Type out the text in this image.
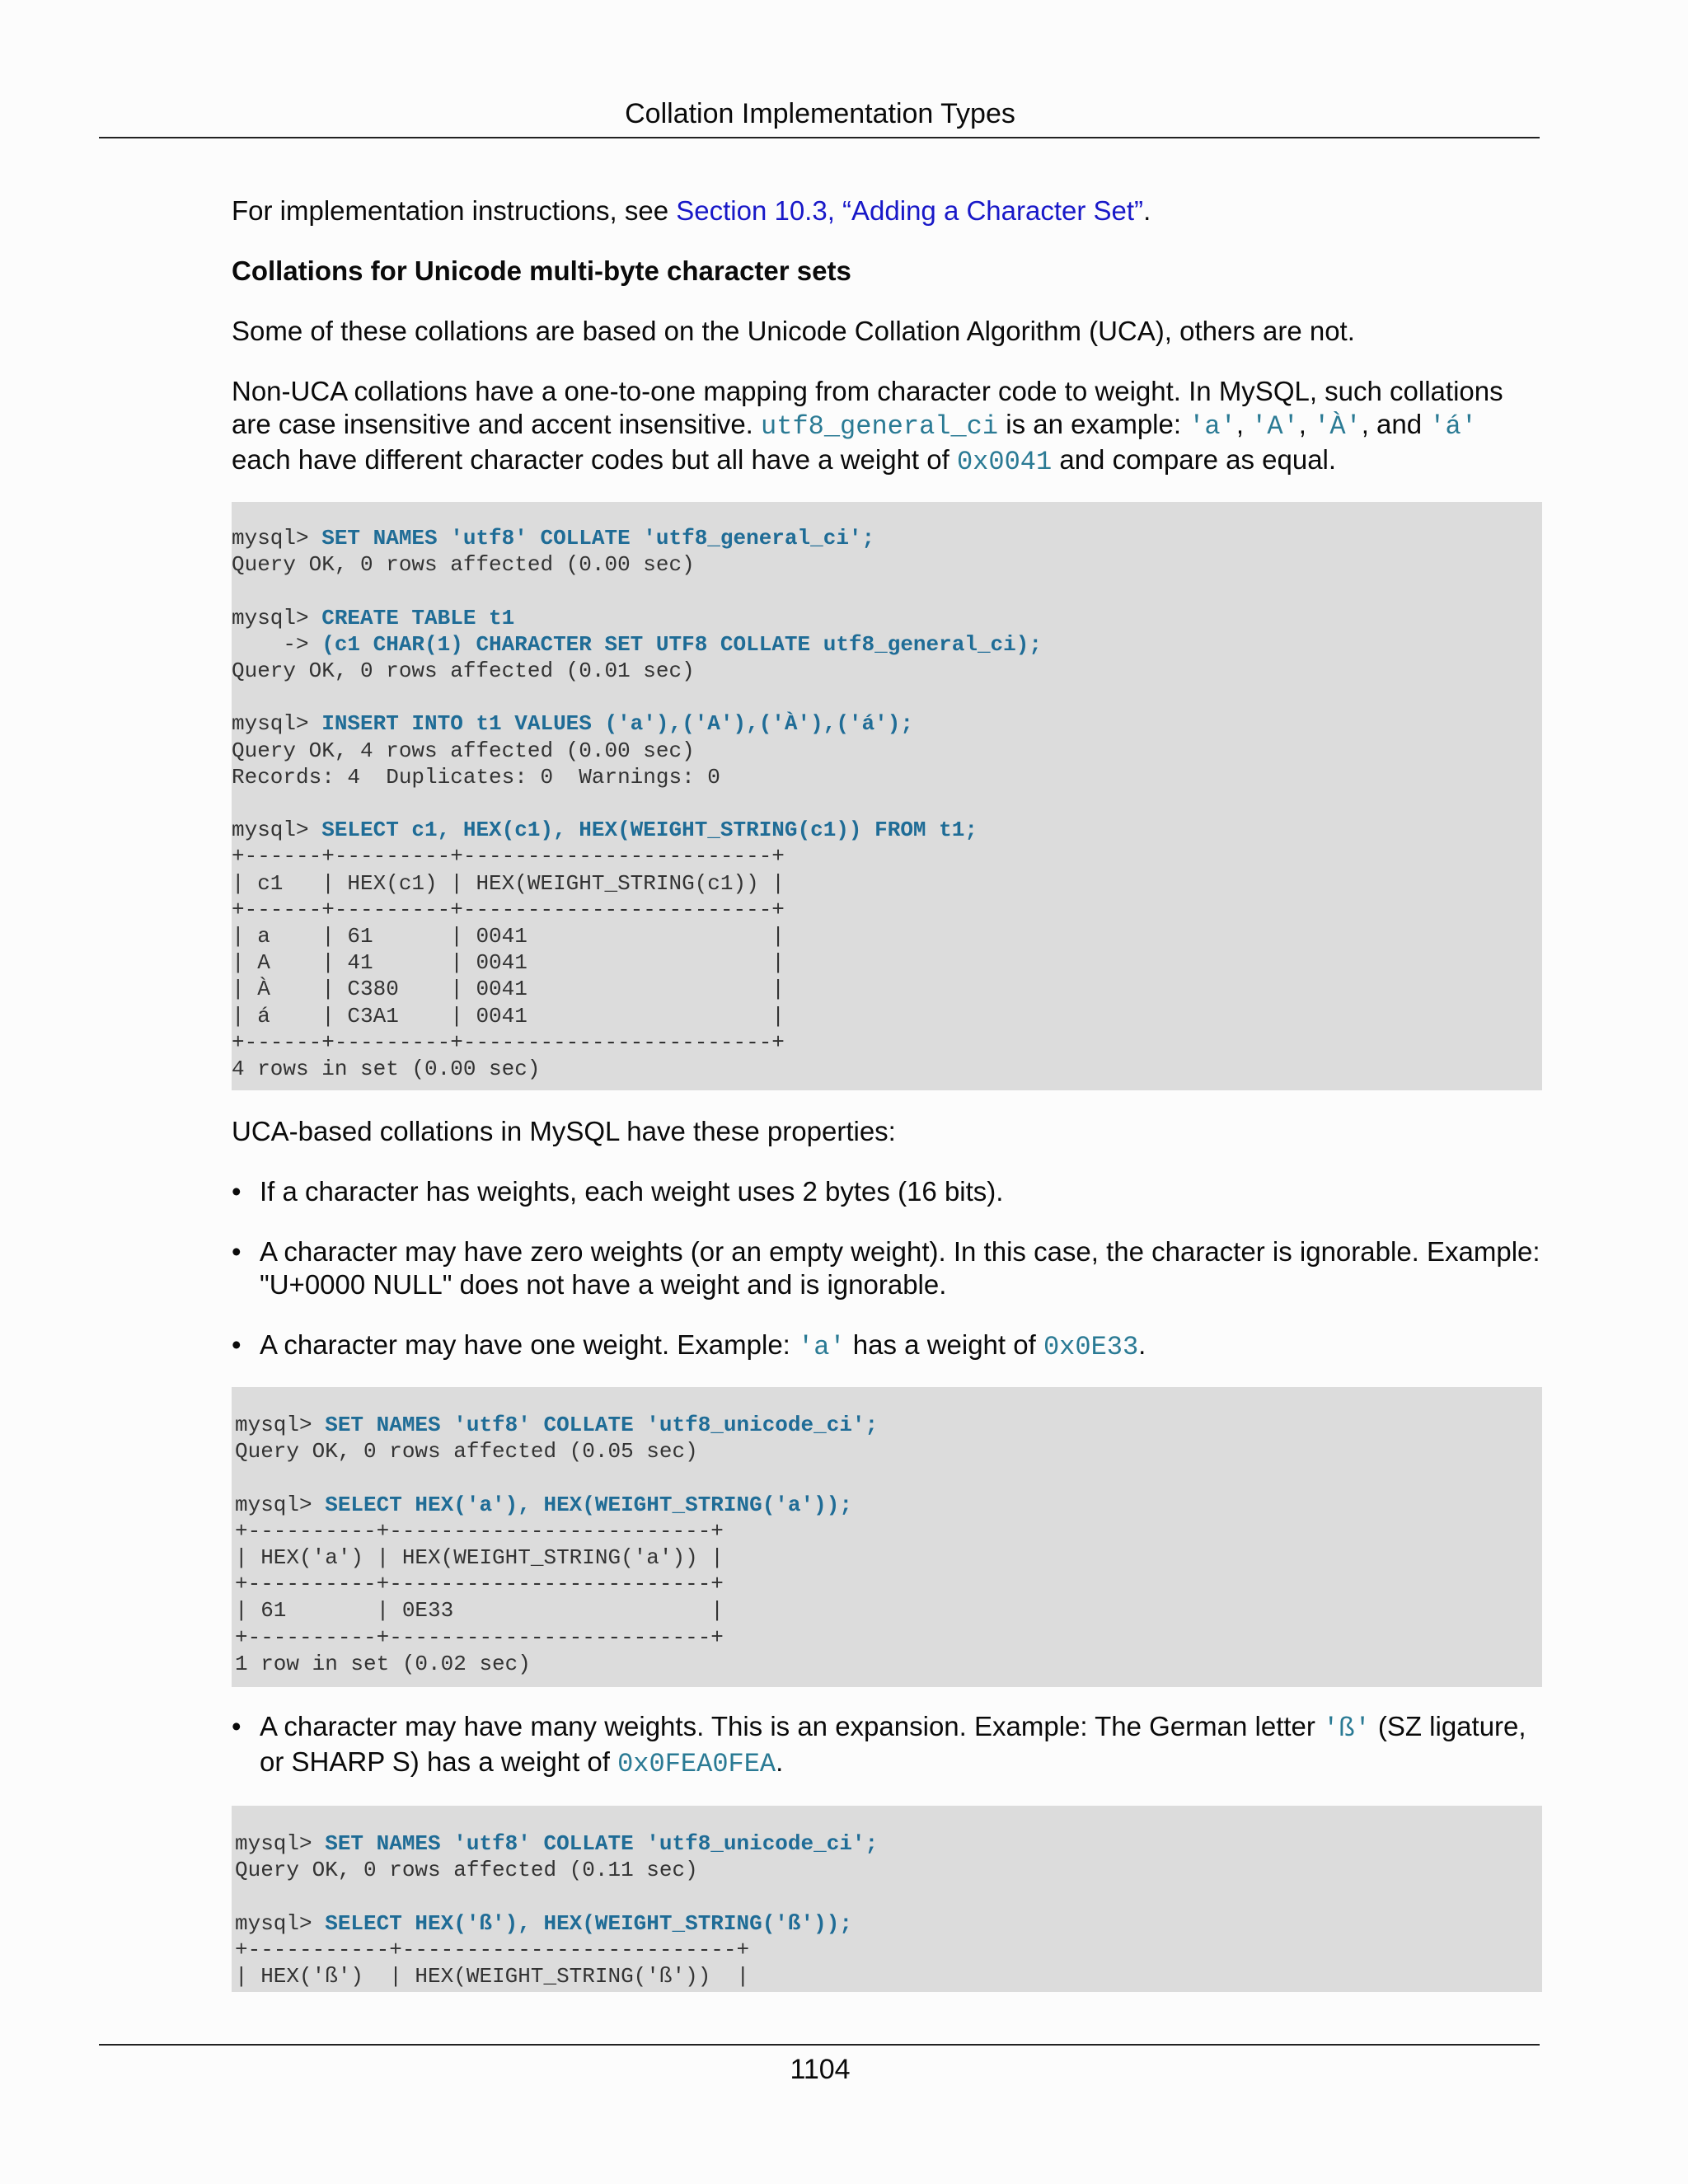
Collation Implementation Types

For implementation instructions, see Section 10.3, “Adding a Character Set”.

Collations for Unicode multi-byte character sets

Some of these collations are based on the Unicode Collation Algorithm (UCA), others are not.

Non-UCA collations have a one-to-one mapping from character code to weight. In MySQL, such collations are case insensitive and accent insensitive. utf8_general_ci is an example: 'a', 'A', 'À', and 'á' each have different character codes but all have a weight of 0x0041 and compare as equal.

mysql> SET NAMES 'utf8' COLLATE 'utf8_general_ci';
Query OK, 0 rows affected (0.00 sec)

mysql> CREATE TABLE t1
-> (c1 CHAR(1) CHARACTER SET UTF8 COLLATE utf8_general_ci);
Query OK, 0 rows affected (0.01 sec)

mysql> INSERT INTO t1 VALUES ('a'),('A'),('À'),('á');
Query OK, 4 rows affected (0.00 sec)
Records: 4  Duplicates: 0  Warnings: 0

mysql> SELECT c1, HEX(c1), HEX(WEIGHT_STRING(c1)) FROM t1;
+------+---------+------------------------+
| c1   | HEX(c1) | HEX(WEIGHT_STRING(c1)) |
+------+---------+------------------------+
| a    | 61      | 0041                   |
| A    | 41      | 0041                   |
| À    | C380    | 0041                   |
| á    | C3A1    | 0041                   |
+------+---------+------------------------+
4 rows in set (0.00 sec)

UCA-based collations in MySQL have these properties:

• If a character has weights, each weight uses 2 bytes (16 bits).

• A character may have zero weights (or an empty weight). In this case, the character is ignorable. Example: "U+0000 NULL" does not have a weight and is ignorable.

• A character may have one weight. Example: 'a' has a weight of 0x0E33.

mysql> SET NAMES 'utf8' COLLATE 'utf8_unicode_ci';
Query OK, 0 rows affected (0.05 sec)

mysql> SELECT HEX('a'), HEX(WEIGHT_STRING('a'));
+----------+-------------------------+
| HEX('a') | HEX(WEIGHT_STRING('a')) |
+----------+-------------------------+
| 61       | 0E33                    |
+----------+-------------------------+
1 row in set (0.02 sec)
• A character may have many weights. This is an expansion. Example: The German letter 'ß' (SZ ligature, or SHARP S) has a weight of 0x0FEA0FEA.

mysql> SET NAMES 'utf8' COLLATE 'utf8_unicode_ci';
Query OK, 0 rows affected (0.11 sec)

mysql> SELECT HEX('ß'), HEX(WEIGHT_STRING('ß'));
+-----------+--------------------------+
| HEX('ß')  | HEX(WEIGHT_STRING('ß'))  |
1104
